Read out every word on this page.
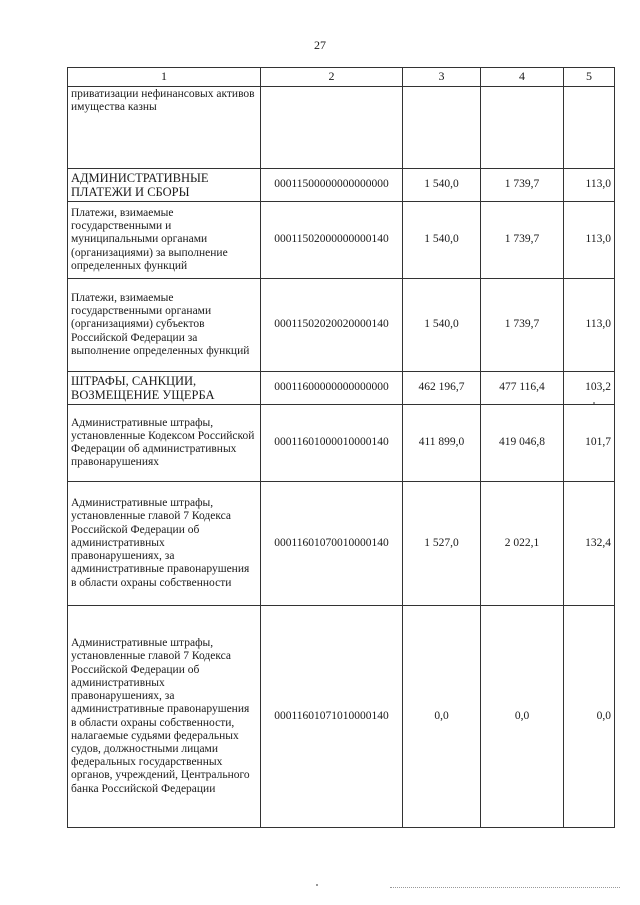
27
1	2	3	4	5
приватизации нефинансовых активов имущества казны				
АДМИНИСТРАТИВНЫЕ ПЛАТЕЖИ И СБОРЫ	00011500000000000000	1 540,0	1 739,7	113,0
Платежи, взимаемые государственными и муниципальными органами (организациями) за выполнение определенных функций	00011502000000000140	1 540,0	1 739,7	113,0
Платежи, взимаемые государственными органами (организациями) субъектов Российской Федерации за выполнение определенных функций	00011502020020000140	1 540,0	1 739,7	113,0
ШТРАФЫ, САНКЦИИ, ВОЗМЕЩЕНИЕ УЩЕРБА	00011600000000000000	462 196,7	477 116,4	103,2
Административные штрафы, установленные Кодексом Российской Федерации об административных правонарушениях	00011601000010000140	411 899,0	419 046,8	101,7
Административные штрафы, установленные главой 7 Кодекса Российской Федерации об административных правонарушениях, за административные правонарушения в области охраны собственности	00011601070010000140	1 527,0	2 022,1	132,4
Административные штрафы, установленные главой 7 Кодекса Российской Федерации об административных правонарушениях, за административные правонарушения в области охраны собственности, налагаемые судьями федеральных судов, должностными лицами федеральных государственных органов, учреждений, Центрального банка Российской Федерации	00011601071010000140	0,0	0,0	0,0
